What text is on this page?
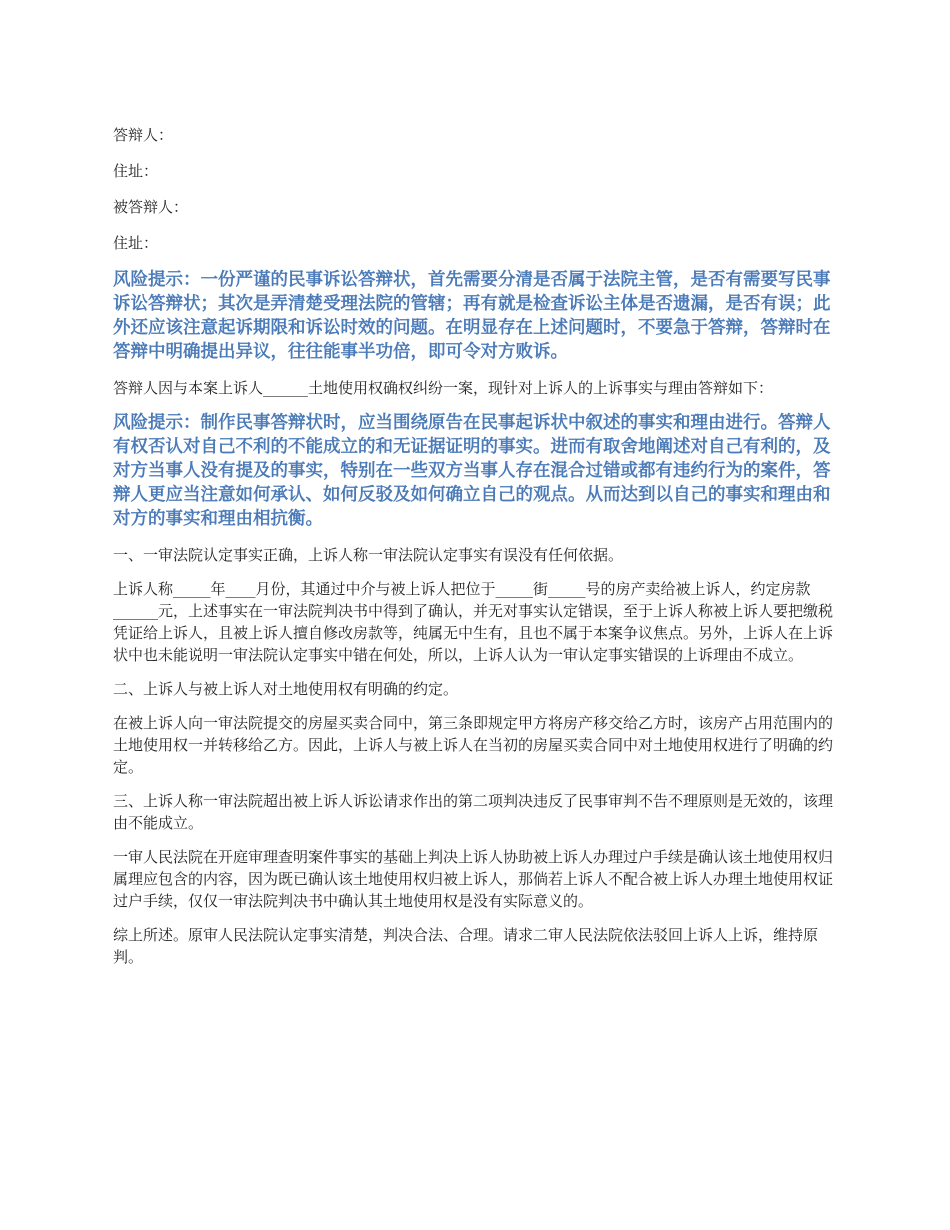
答辩人：
住址：
被答辩人：
住址：
风险提示：一份严谨的民事诉讼答辩状，首先需要分清是否属于法院主管，是否有需要写民事诉讼答辩状；其次是弄清楚受理法院的管辖；再有就是检查诉讼主体是否遗漏，是否有误；此外还应该注意起诉期限和诉讼时效的问题。在明显存在上述问题时，不要急于答辩，答辩时在答辩中明确提出异议，往往能事半功倍，即可令对方败诉。
答辩人因与本案上诉人______土地使用权确权纠纷一案，现针对上诉人的上诉事实与理由答辩如下：
风险提示：制作民事答辩状时，应当围绕原告在民事起诉状中叙述的事实和理由进行。答辩人有权否认对自己不利的不能成立的和无证据证明的事实。进而有取舍地阐述对自己有利的，及对方当事人没有提及的事实，特别在一些双方当事人存在混合过错或都有违约行为的案件，答辩人更应当注意如何承认、如何反驳及如何确立自己的观点。从而达到以自己的事实和理由和对方的事实和理由相抗衡。
一、一审法院认定事实正确，上诉人称一审法院认定事实有误没有任何依据。
上诉人称_____年____月份，其通过中介与被上诉人把位于_____街_____号的房产卖给被上诉人，约定房款______元，上述事实在一审法院判决书中得到了确认，并无对事实认定错误，至于上诉人称被上诉人要把缴税凭证给上诉人，且被上诉人擅自修改房款等，纯属无中生有，且也不属于本案争议焦点。另外，上诉人在上诉状中也未能说明一审法院认定事实中错在何处，所以，上诉人认为一审认定事实错误的上诉理由不成立。
二、上诉人与被上诉人对土地使用权有明确的约定。
在被上诉人向一审法院提交的房屋买卖合同中，第三条即规定甲方将房产移交给乙方时，该房产占用范围内的土地使用权一并转移给乙方。因此，上诉人与被上诉人在当初的房屋买卖合同中对土地使用权进行了明确的约定。
三、上诉人称一审法院超出被上诉人诉讼请求作出的第二项判决违反了民事审判不告不理原则是无效的，该理由不能成立。
一审人民法院在开庭审理查明案件事实的基础上判决上诉人协助被上诉人办理过户手续是确认该土地使用权归属理应包含的内容，因为既已确认该土地使用权归被上诉人，那倘若上诉人不配合被上诉人办理土地使用权证过户手续，仅仅一审法院判决书中确认其土地使用权是没有实际意义的。
综上所述。原审人民法院认定事实清楚，判决合法、合理。请求二审人民法院依法驳回上诉人上诉，维持原判。
